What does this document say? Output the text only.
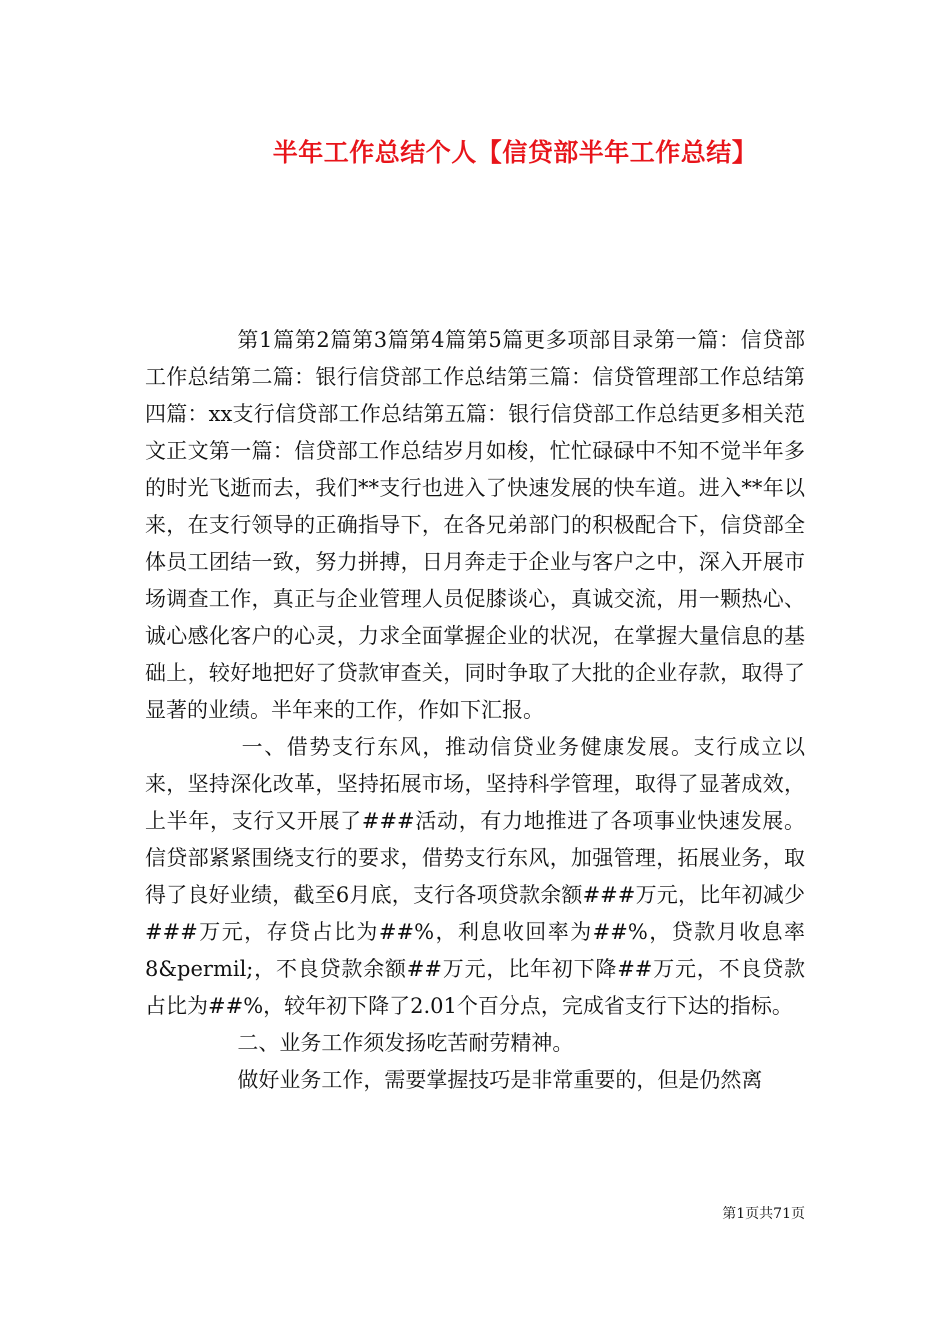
半年工作总结个人【信贷部半年工作总结】

第1篇第2篇第3篇第4篇第5篇更多项部目录第一篇：信贷部工作总结第二篇：银行信贷部工作总结第三篇：信贷管理部工作总结第四篇：xx支行信贷部工作总结第五篇：银行信贷部工作总结更多相关范文正文第一篇：信贷部工作总结岁月如梭，忙忙碌碌中不知不觉半年多的时光飞逝而去，我们**支行也进入了快速发展的快车道。进入**年以来，在支行领导的正确指导下，在各兄弟部门的积极配合下，信贷部全体员工团结一致，努力拼搏，日月奔走于企业与客户之中，深入开展市场调查工作，真正与企业管理人员促膝谈心，真诚交流，用一颗热心、诚心感化客户的心灵，力求全面掌握企业的状况，在掌握大量信息的基础上，较好地把好了贷款审查关，同时争取了大批的企业存款，取得了显著的业绩。半年来的工作，作如下汇报。

一、借势支行东风，推动信贷业务健康发展。支行成立以来，坚持深化改革，坚持拓展市场，坚持科学管理，取得了显著成效，上半年，支行又开展了###活动，有力地推进了各项事业快速发展。信贷部紧紧围绕支行的要求，借势支行东风，加强管理，拓展业务，取得了良好业绩，截至6月底，支行各项贷款余额###万元，比年初减少###万元，存贷占比为##%，利息收回率为##%，贷款月收息率8&permil;，不良贷款余额##万元，比年初下降##万元，不良贷款占比为##%，较年初下降了2.01个百分点，完成省支行下达的指标。

二、业务工作须发扬吃苦耐劳精神。

做好业务工作，需要掌握技巧是非常重要的，但是仍然离

第1页共71页
